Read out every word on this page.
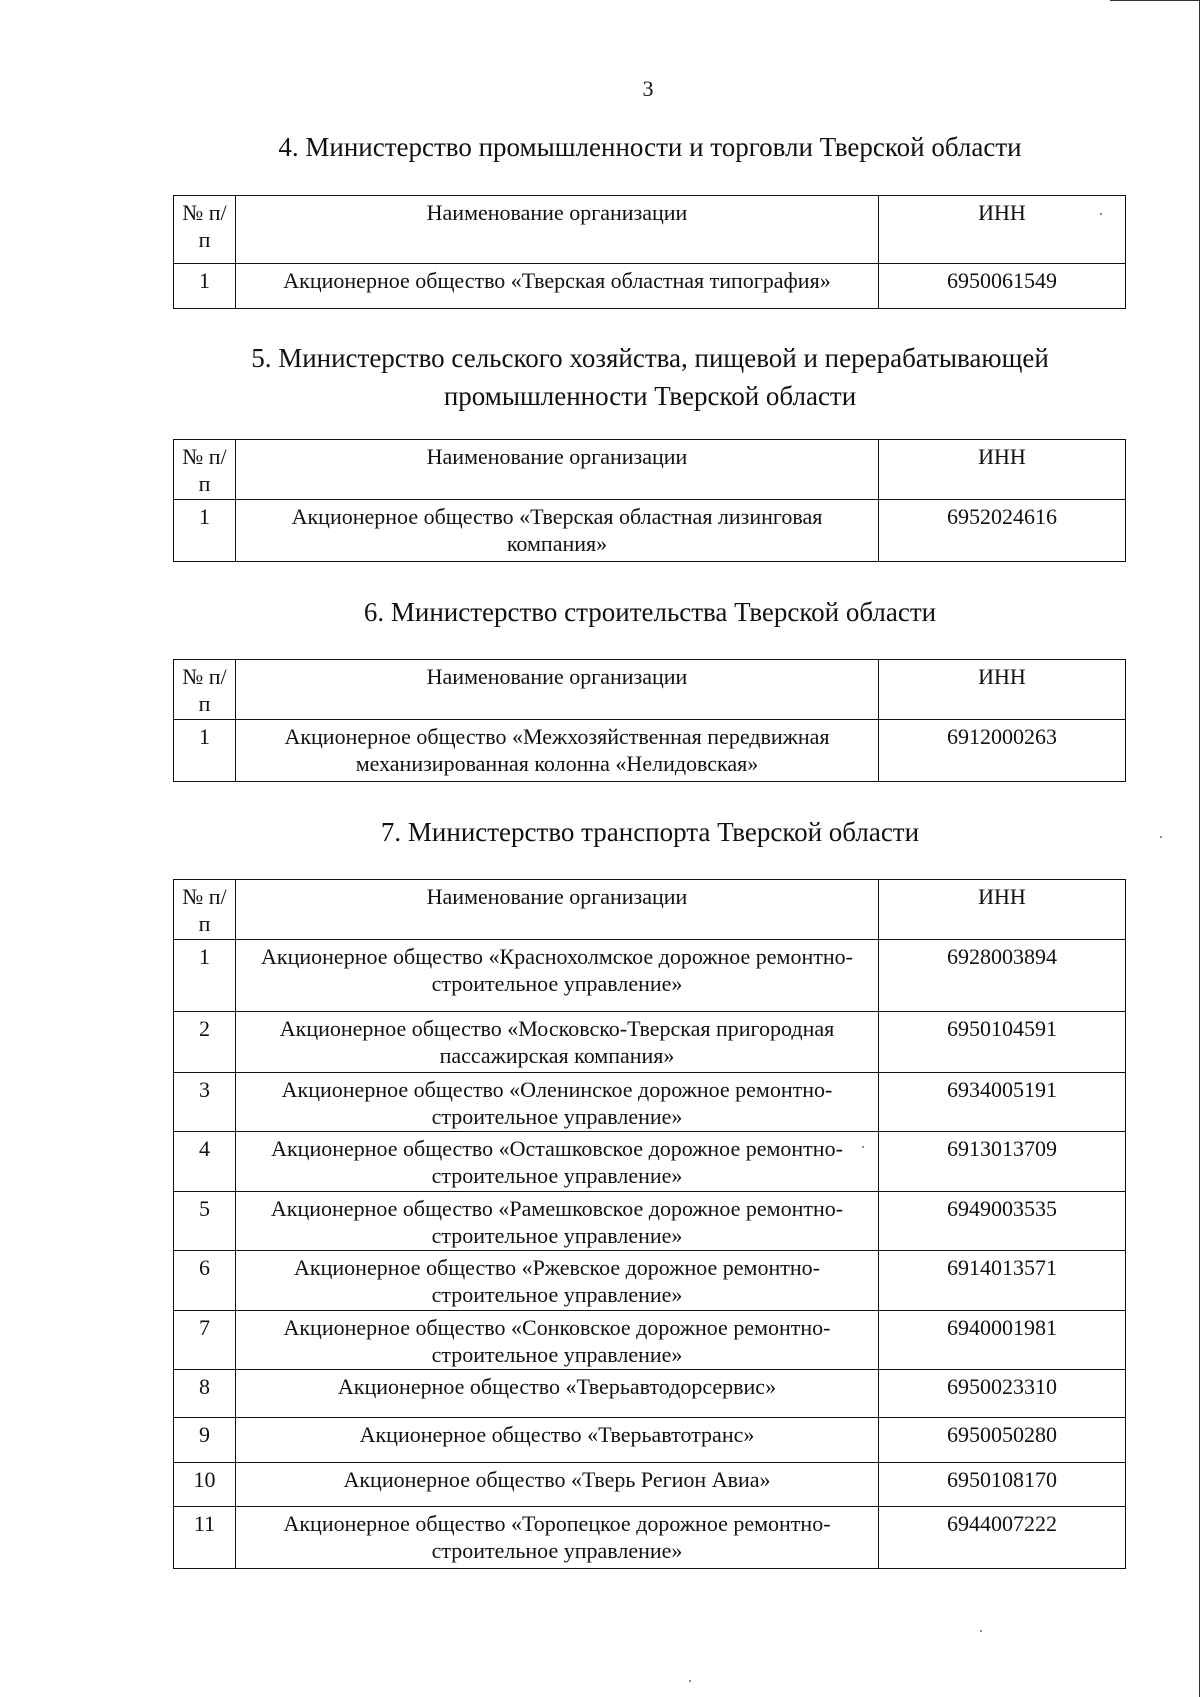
3
4. Министерство промышленности и торговли Тверской области
№ п/п	Наименование организации	ИНН
1	Акционерное общество «Тверская областная типография»	6950061549
5. Министерство сельского хозяйства, пищевой и перерабатывающей промышленности Тверской области
№ п/п	Наименование организации	ИНН
1	Акционерное общество «Тверская областная лизинговая компания»	6952024616
6. Министерство строительства Тверской области
№ п/п	Наименование организации	ИНН
1	Акционерное общество «Межхозяйственная передвижная механизированная колонна «Нелидовская»	6912000263
7. Министерство транспорта Тверской области
№ п/п	Наименование организации	ИНН
1	Акционерное общество «Краснохолмское дорожное ремонтно-строительное управление»	6928003894
2	Акционерное общество «Московско-Тверская пригородная пассажирская компания»	6950104591
3	Акционерное общество «Оленинское дорожное ремонтно-строительное управление»	6934005191
4	Акционерное общество «Осташковское дорожное ремонтно-строительное управление»	6913013709
5	Акционерное общество «Рамешковское дорожное ремонтно-строительное управление»	6949003535
6	Акционерное общество «Ржевское дорожное ремонтно-строительное управление»	6914013571
7	Акционерное общество «Сонковское дорожное ремонтно-строительное управление»	6940001981
8	Акционерное общество «Тверьавтодорсервис»	6950023310
9	Акционерное общество «Тверьавтотранс»	6950050280
10	Акционерное общество «Тверь Регион Авиа»	6950108170
11	Акционерное общество «Торопецкое дорожное ремонтно-строительное управление»	6944007222
